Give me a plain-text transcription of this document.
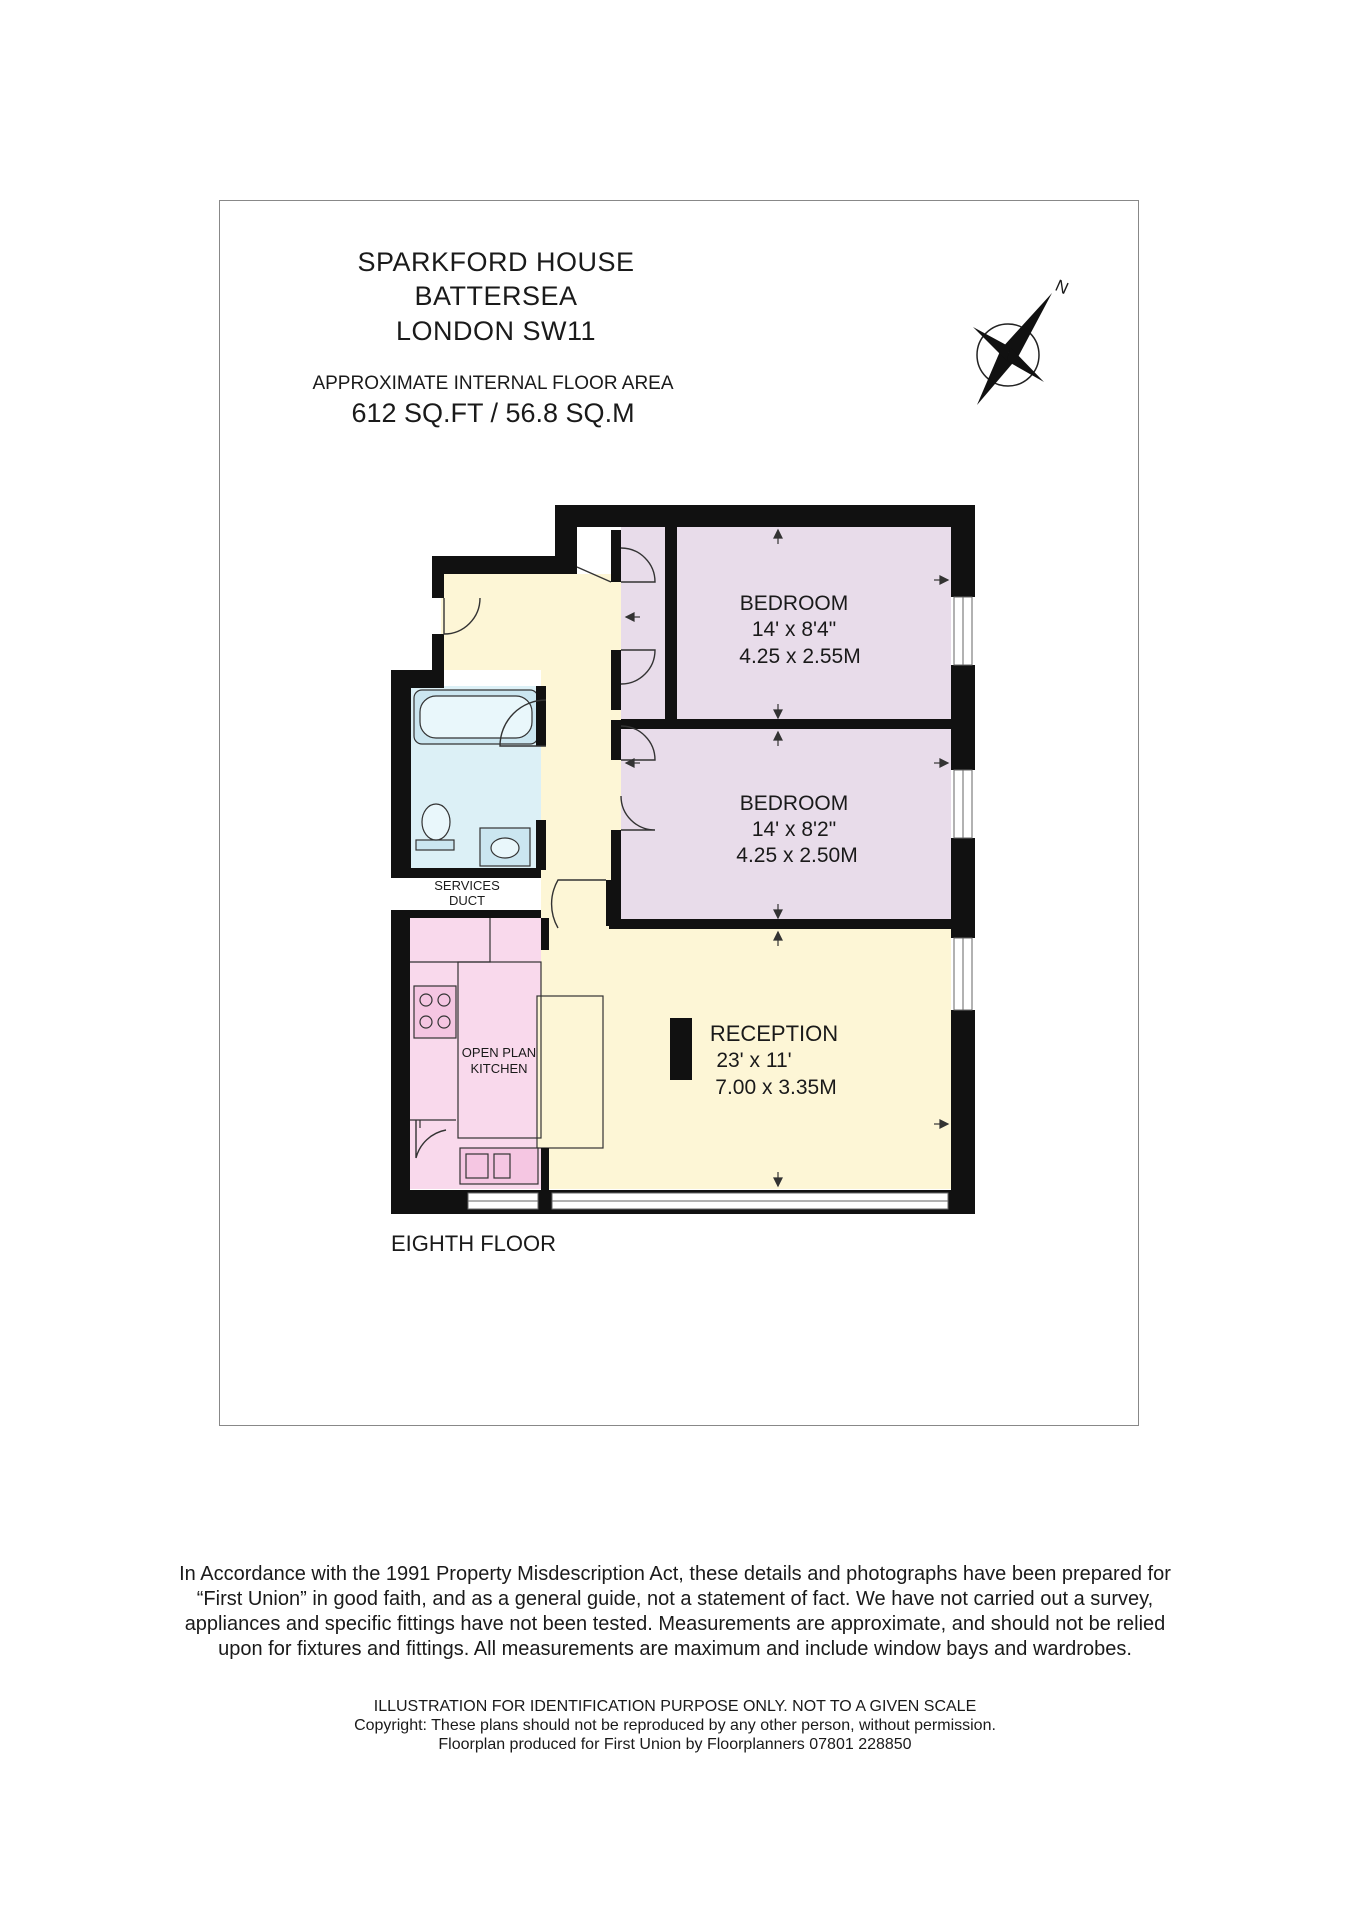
SPARKFORD HOUSE
BATTERSEA
LONDON SW11
APPROXIMATE INTERNAL FLOOR AREA
612 SQ.FT / 56.8 SQ.M
N
BEDROOM
14' x 8'4"
4.25 x 2.55M
BEDROOM
14' x 8'2"
4.25 x 2.50M
RECEPTION
23' x 11'
7.00 x 3.35M
OPEN PLAN
KITCHEN
SERVICES
DUCT
EIGHTH FLOOR
In Accordance with the 1991 Property Misdescription Act, these details and photographs have been prepared for
“First Union” in good faith, and as a general guide, not a statement of fact. We have not carried out a survey,
appliances and specific fittings have not been tested. Measurements are approximate, and should not be relied
upon for fixtures and fittings. All measurements are maximum and include window bays and wardrobes.
ILLUSTRATION FOR IDENTIFICATION PURPOSE ONLY. NOT TO A GIVEN SCALE
Copyright: These plans should not be reproduced by any other person, without permission.
Floorplan produced for First Union by Floorplanners 07801 228850
